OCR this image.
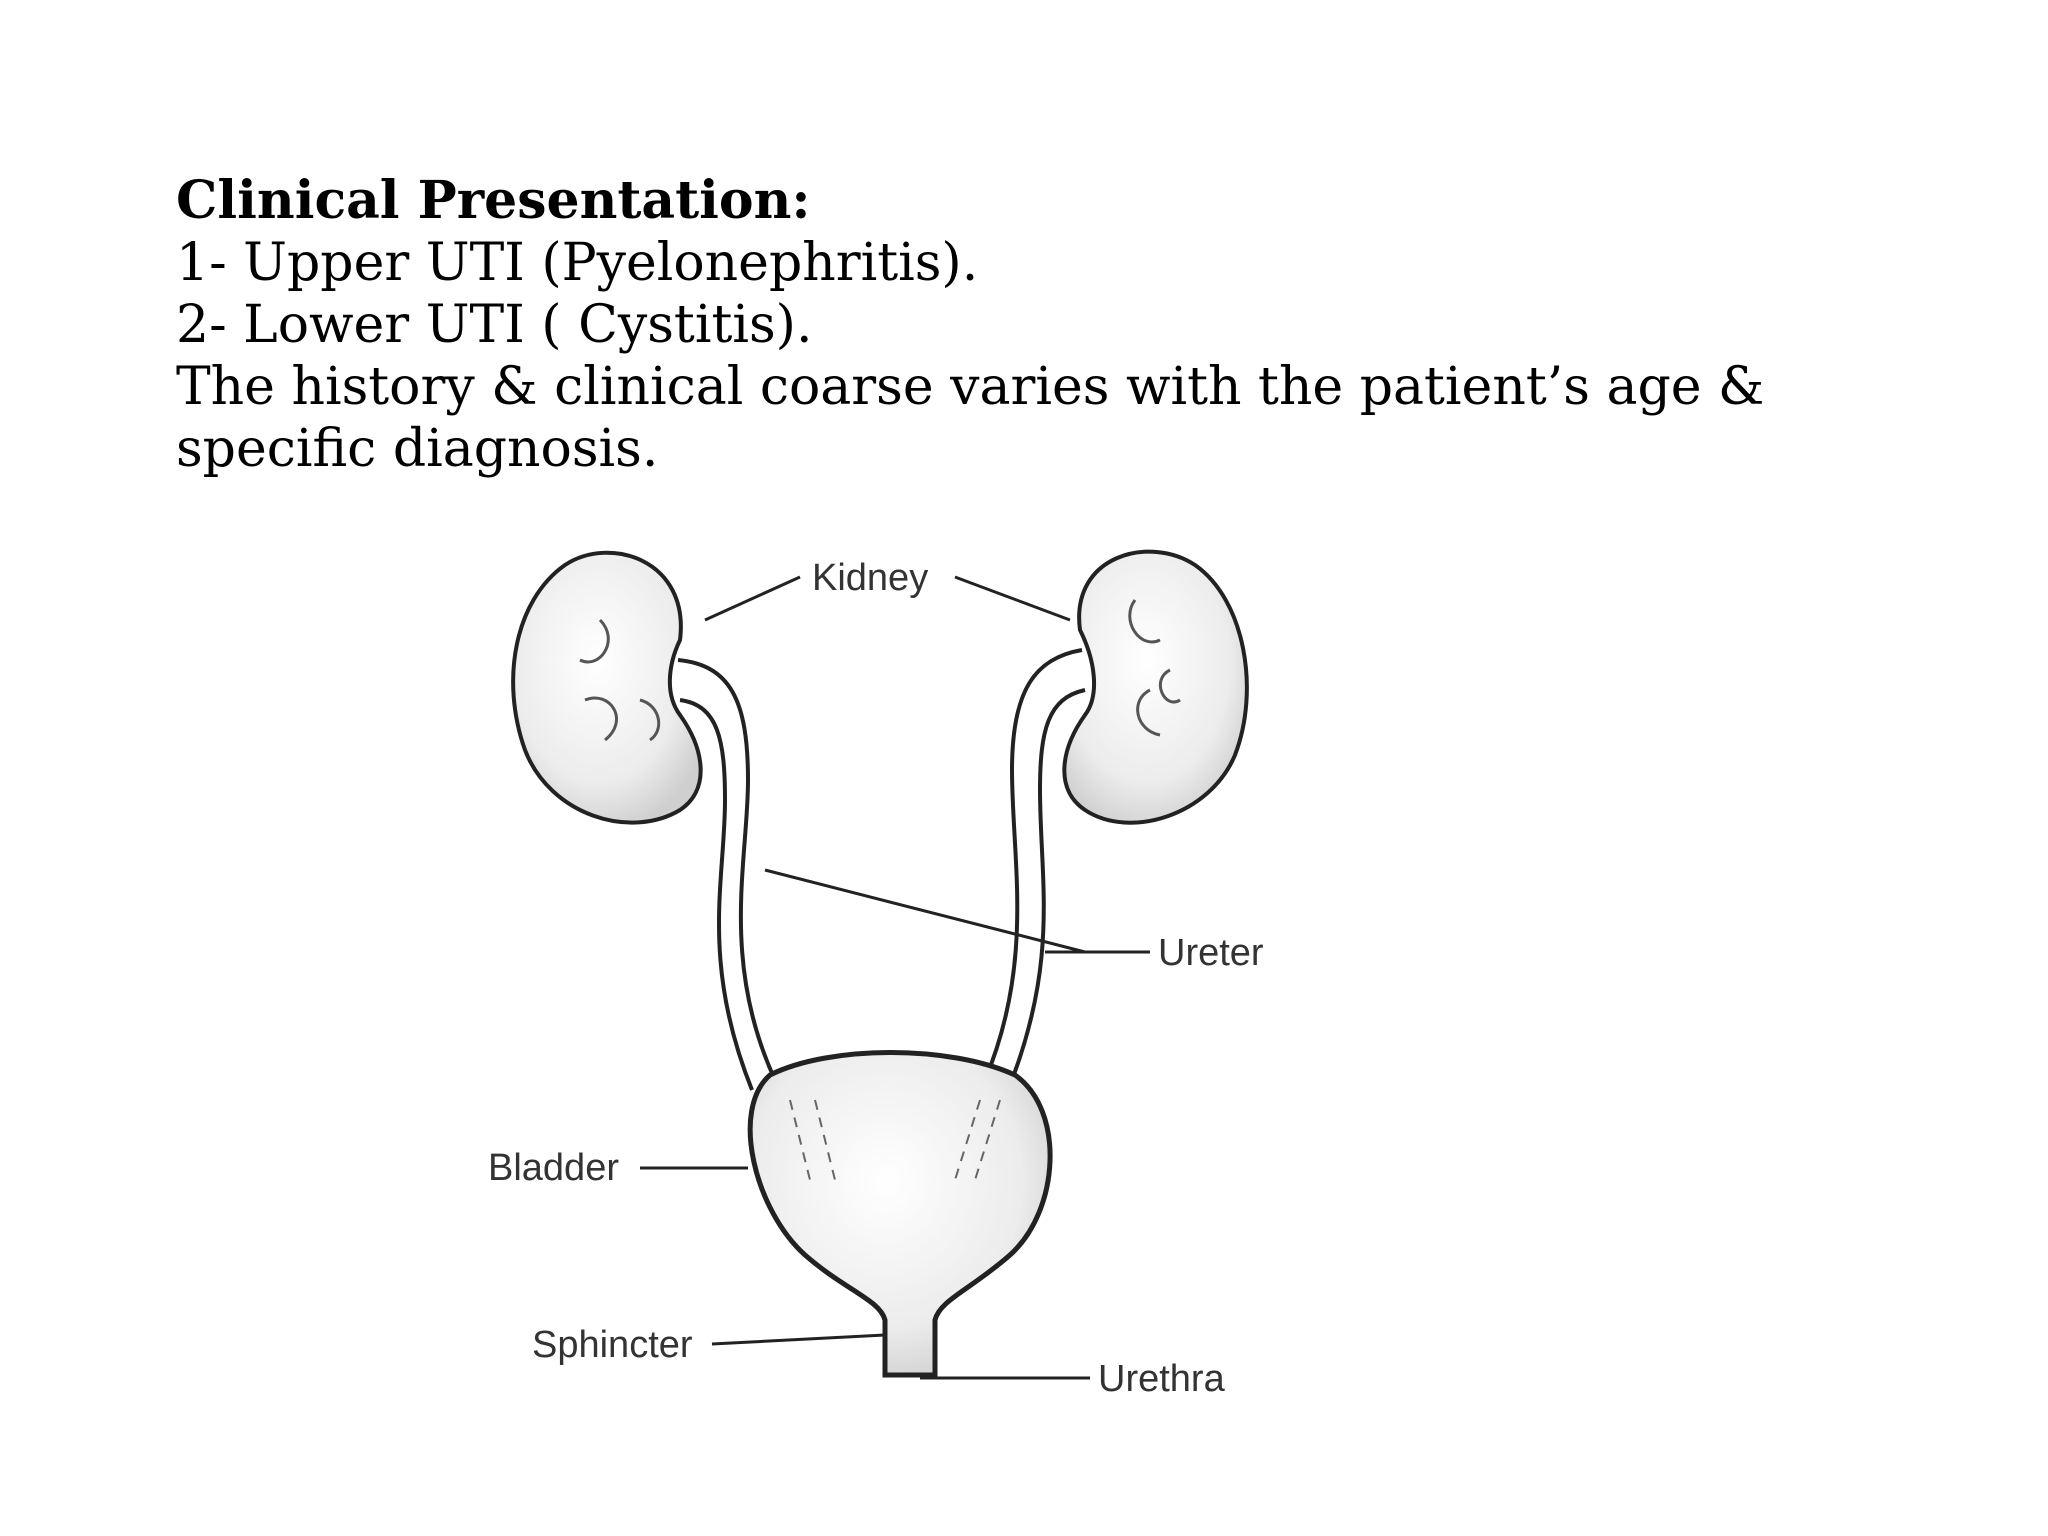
Clinical Presentation:
1- Upper UTI (Pyelonephritis).
2- Lower UTI ( Cystitis).
The history & clinical coarse varies with the patient’s age & specific diagnosis.
Kidney
Ureter
Bladder
Sphincter
Urethra
